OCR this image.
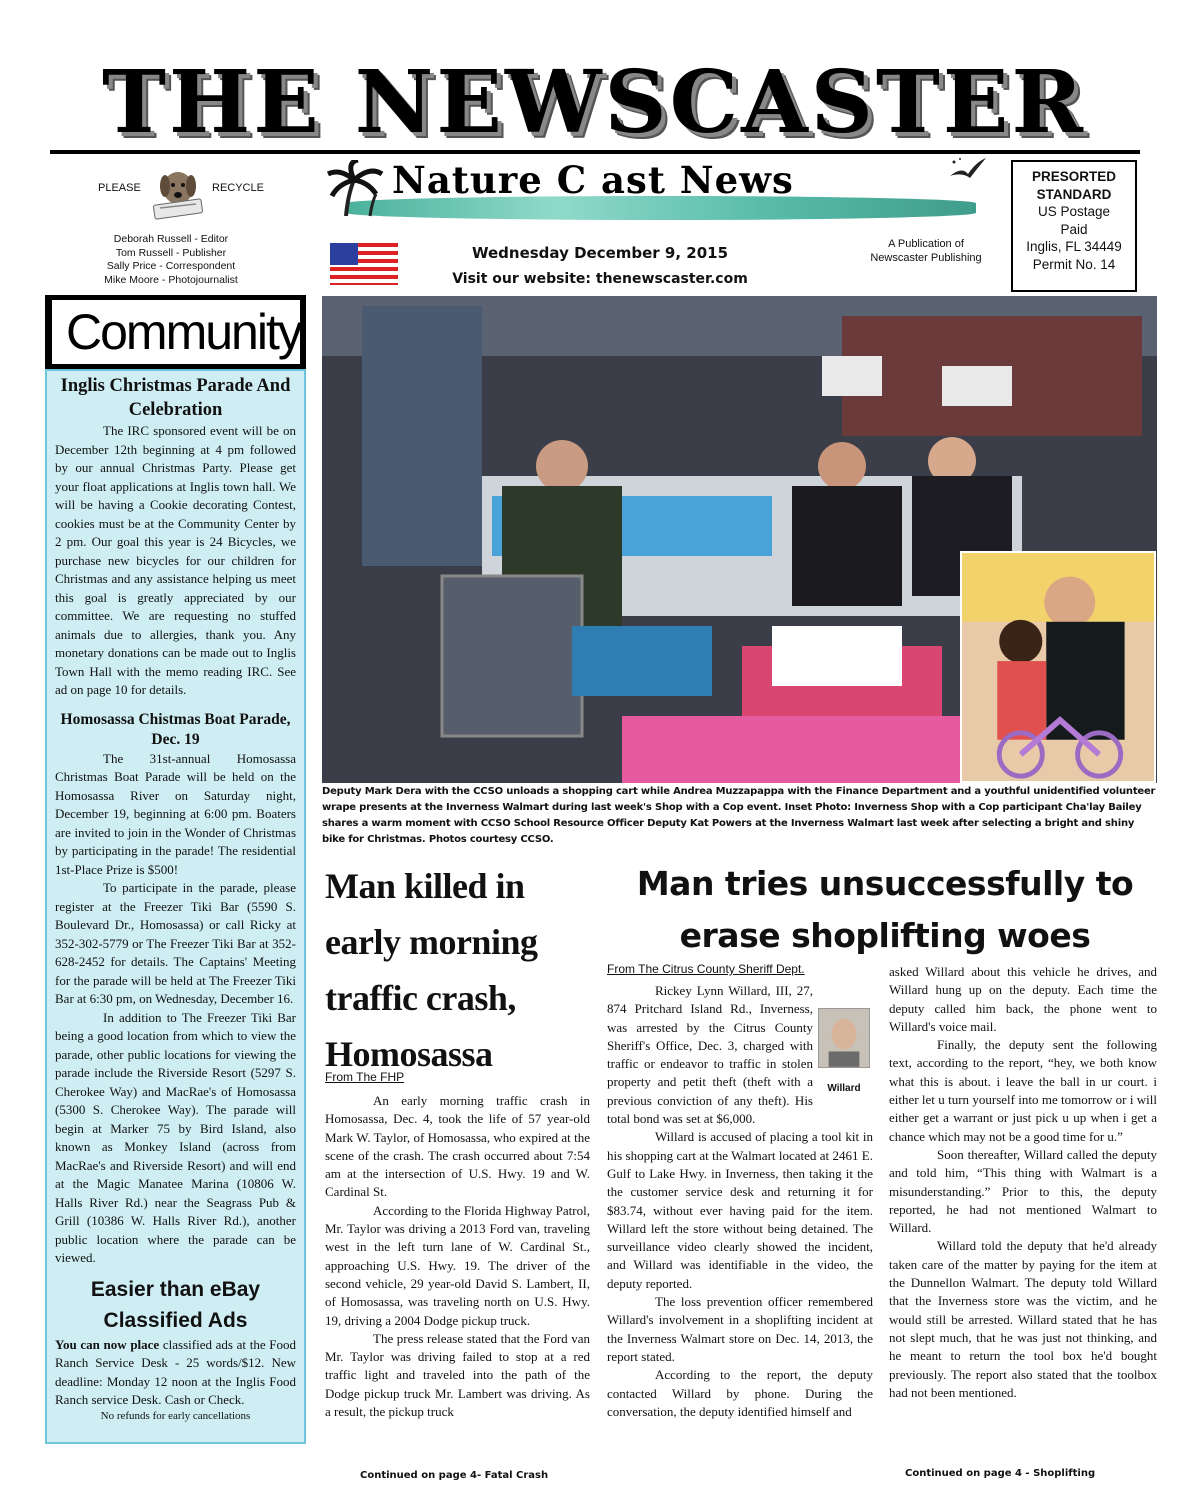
THE NEWSCASTER
PLEASE	RECYCLE
Deborah Russell - Editor
Tom Russell - Publisher
Sally Price - Correspondent
Mike Moore - Photojournalist
Nature C ast News	PRESORTED
STANDARD
US Postage
Paid
Inglis, FL 34449
Permit No. 14
Wednesday December 9, 2015
Visit our website: thenewscaster.com
A Publication of
Newscaster Publishing
Community
Inglis Christmas Parade And Celebration
The IRC sponsored event will be on December 12th beginning at 4 pm followed by our annual Christmas Party. Please get your float applications at Inglis town hall. We will be having a Cookie decorating Contest, cookies must be at the Community Center by 2 pm. Our goal this year is 24 Bicycles, we purchase new bicycles for our children for Christmas and any assistance helping us meet this goal is greatly appreciated by our committee. We are requesting no stuffed animals due to allergies, thank you. Any monetary donations can be made out to Inglis Town Hall with the memo reading IRC. See ad on page 10 for details.
Homosassa Chistmas Boat Parade, Dec. 19
The 31st-annual Homosassa Christmas Boat Parade will be held on the Homosassa River on Saturday night, December 19, beginning at 6:00 pm. Boaters are invited to join in the Wonder of Christmas by participating in the parade! The residential 1st-Place Prize is $500!
To participate in the parade, please register at the Freezer Tiki Bar (5590 S. Boulevard Dr., Homosassa) or call Ricky at 352-302-5779 or The Freezer Tiki Bar at 352-628-2452 for details. The Captains' Meeting for the parade will be held at The Freezer Tiki Bar at 6:30 pm, on Wednesday, December 16.
In addition to The Freezer Tiki Bar being a good location from which to view the parade, other public locations for viewing the parade include the Riverside Resort (5297 S. Cherokee Way) and MacRae's of Homosassa (5300 S. Cherokee Way). The parade will begin at Marker 75 by Bird Island, also known as Monkey Island (across from MacRae's and Riverside Resort) and will end at the Magic Manatee Marina (10806 W. Halls River Rd.) near the Seagrass Pub & Grill (10386 W. Halls River Rd.), another public location where the parade can be viewed.
Easier than eBay Classified Ads
You can now place classified ads at the Food Ranch Service Desk - 25 words/$12. New deadline: Monday 12 noon at the Inglis Food Ranch service Desk. Cash or Check.
No refunds for early cancellations
Deputy Mark Dera with the CCSO unloads a shopping cart while Andrea Muzzapappa with the Finance Department and a youthful unidentified volunteer wrape presents at the Inverness Walmart during last week's Shop with a Cop event. Inset Photo: Inverness Shop with a Cop participant Cha'lay Bailey shares a warm moment with CCSO School Resource Officer Deputy Kat Powers at the Inverness Walmart last week after selecting a bright and shiny bike for Christmas. Photos courtesy CCSO.
Man killed in early morning traffic crash, Homosassa
From The FHP

An early morning traffic crash in Homosassa, Dec. 4, took the life of 57 year-old Mark W. Taylor, of Homosassa, who expired at the scene of the crash. The crash occurred about 7:54 am at the intersection of U.S. Hwy. 19 and W. Cardinal St.

According to the Florida Highway Patrol, Mr. Taylor was driving a 2013 Ford van, traveling west in the left turn lane of W. Cardinal St., approaching U.S. Hwy. 19. The driver of the second vehicle, 29 year-old David S. Lambert, II, of Homosassa, was traveling north on U.S. Hwy. 19, driving a 2004 Dodge pickup truck.

The press release stated that the Ford van Mr. Taylor was driving failed to stop at a red traffic light and traveled into the path of the Dodge pickup truck Mr. Lambert was driving. As a result, the pickup truck

Continued on page 4- Fatal Crash
Man tries unsuccessfully to erase shoplifting woes
From The Citrus County Sheriff Dept.

Rickey Lynn Willard, III, 27, 874 Pritchard Island Rd., Inverness, was arrested by the Citrus County Sheriff's Office, Dec. 3, charged with traffic or endeavor to traffic in stolen property and petit theft (theft with a previous conviction of any theft). His total bond was set at $6,000.

Willard is accused of placing a tool kit in his shopping cart at the Walmart located at 2461 E. Gulf to Lake Hwy. in Inverness, then taking it the the customer service desk and returning it for $83.74, without ever having paid for the item. Willard left the store without being detained. The surveillance video clearly showed the incident, and Willard was identifiable in the video, the deputy reported.

The loss prevention officer remembered Willard's involvement in a shoplifting incident at the Inverness Walmart store on Dec. 14, 2013, the report stated.

According to the report, the deputy contacted Willard by phone. During the conversation, the deputy identified himself and

Willard
asked Willard about this vehicle he drives, and Willard hung up on the deputy. Each time the deputy called him back, the phone went to Willard's voice mail.

Finally, the deputy sent the following text, according to the report, “hey, we both know what this is about. i leave the ball in ur court. i either let u turn yourself into me tomorrow or i will either get a warrant or just pick u up when i get a chance which may not be a good time for u.”

Soon thereafter, Willard called the deputy and told him, “This thing with Walmart is a misunderstanding.” Prior to this, the deputy reported, he had not mentioned Walmart to Willard.

Willard told the deputy that he'd already taken care of the matter by paying for the item at the Dunnellon Walmart. The deputy told Willard that the Inverness store was the victim, and he would still be arrested. Willard stated that he has not slept much, that he was just not thinking, and he meant to return the tool box he'd bought previously. The report also stated that the toolbox had not been mentioned.

Continued on page 4 - Shoplifting
